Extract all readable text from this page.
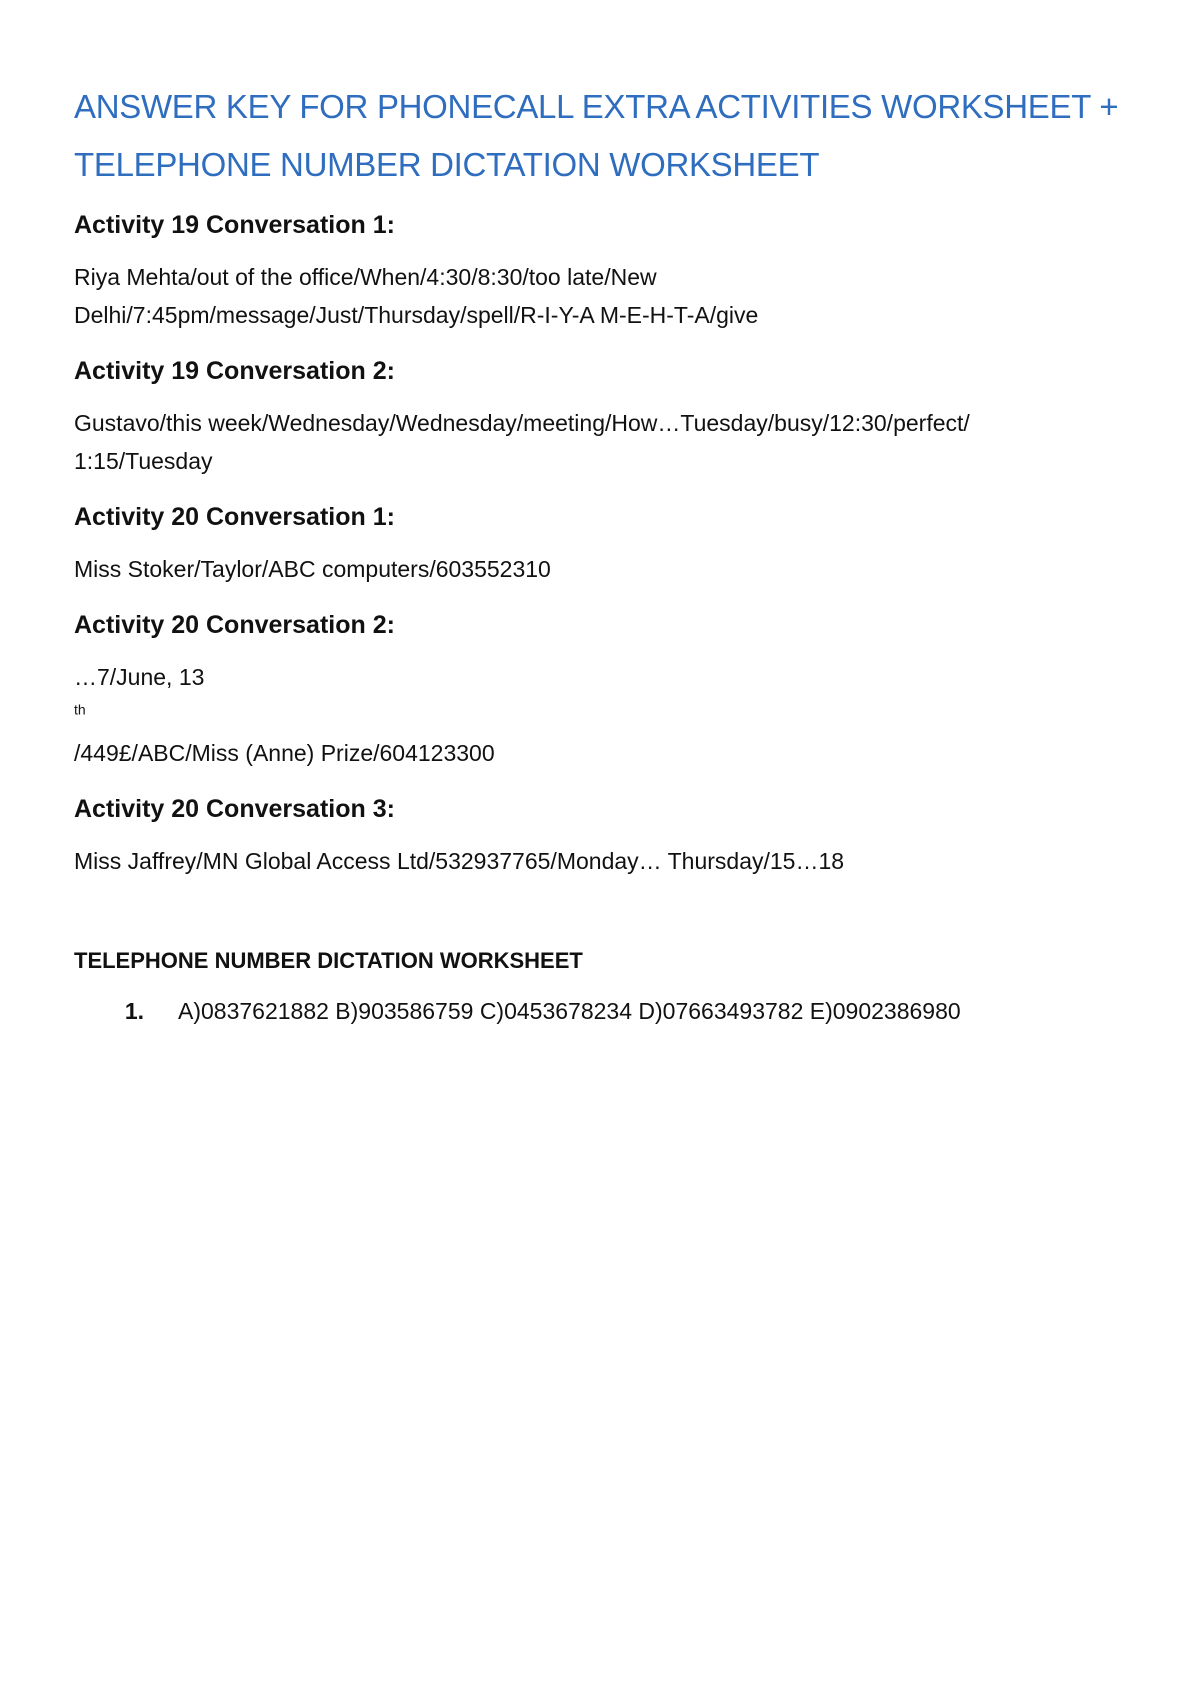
ANSWER KEY FOR PHONECALL EXTRA ACTIVITIES WORKSHEET +
TELEPHONE NUMBER DICTATION WORKSHEET
Activity 19 Conversation 1:
Riya Mehta/out of the office/When/4:30/8:30/too late/New
Delhi/7:45pm/message/Just/Thursday/spell/R-I-Y-A M-E-H-T-A/give
Activity 19 Conversation 2:
Gustavo/this week/Wednesday/Wednesday/meeting/How…Tuesday/busy/12:30/perfect/
1:15/Tuesday
Activity 20 Conversation 1:
Miss Stoker/Taylor/ABC computers/603552310
Activity 20 Conversation 2:
…7/June, 13
$^{th}$
/449£/ABC/Miss (Anne) Prize/604123300
Activity 20 Conversation 3:
Miss Jaffrey/MN Global Access Ltd/532937765/Monday… Thursday/15…18
TELEPHONE NUMBER DICTATION WORKSHEET
1. A)0837621882 B)903586759 C)0453678234 D)07663493782 E)0902386980
